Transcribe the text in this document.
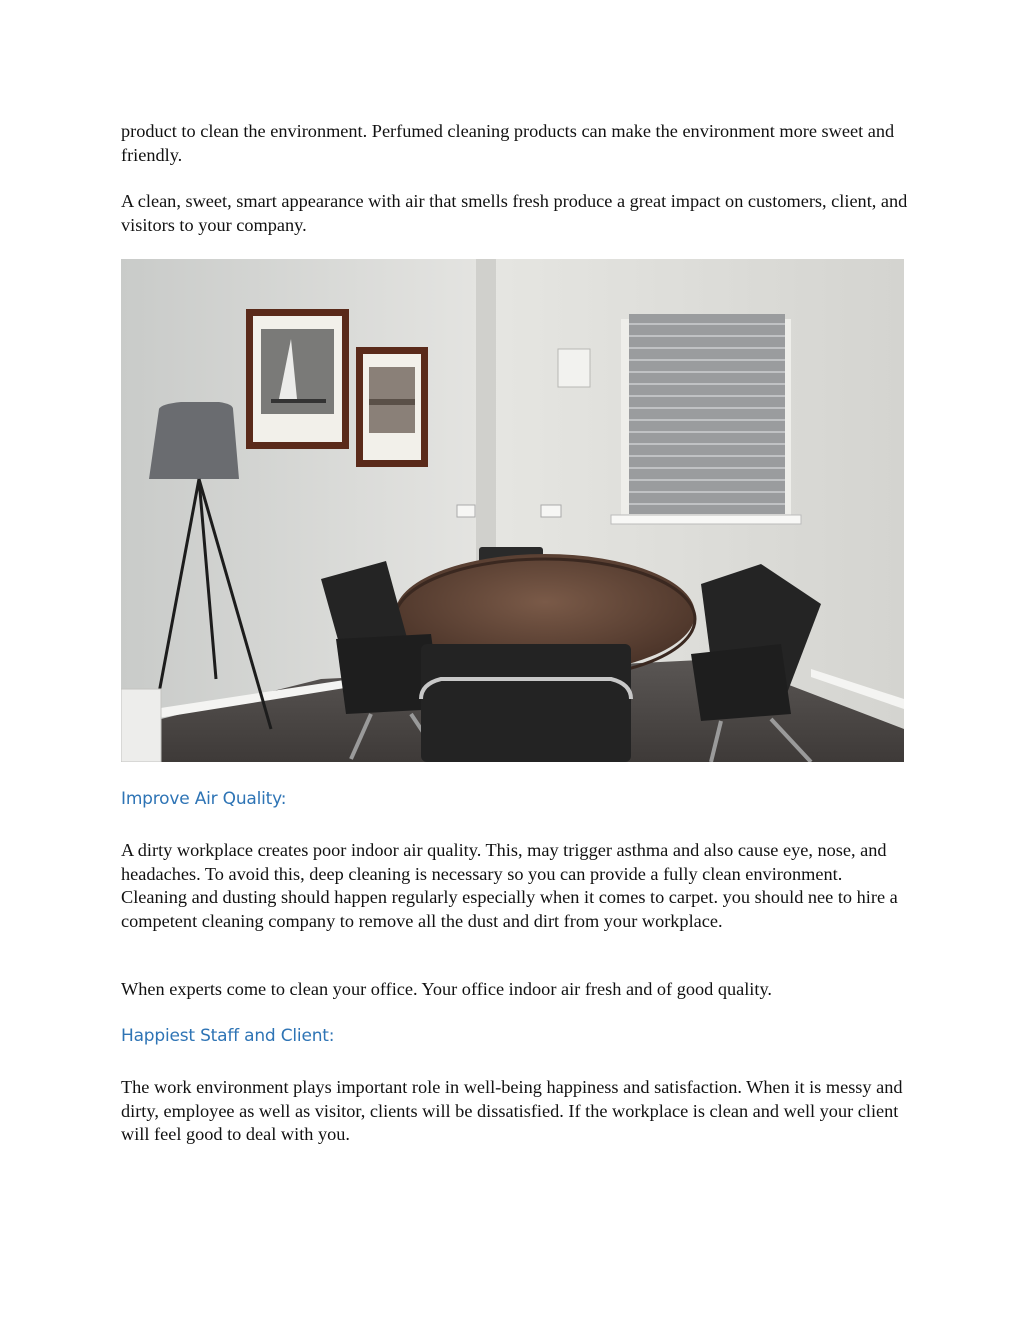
product to clean the environment. Perfumed cleaning products can make the environment more sweet and friendly.

A clean, sweet, smart appearance with air that smells fresh produce a great impact on customers, client, and visitors to your company.

Improve Air Quality:

A dirty workplace creates poor indoor air quality. This, may trigger asthma and also cause eye, nose, and headaches. To avoid this, deep cleaning is necessary so you can provide a fully clean environment. Cleaning and dusting should happen regularly especially when it comes to carpet. you should nee to hire a competent cleaning company to remove all the dust and dirt from your workplace.

When experts come to clean your office. Your office indoor air fresh and of good quality.

Happiest Staff and Client:

The work environment plays important role in well-being happiness and satisfaction. When it is messy and dirty, employee as well as visitor, clients will be dissatisfied. If the workplace is clean and well your client will feel good to deal with you.
